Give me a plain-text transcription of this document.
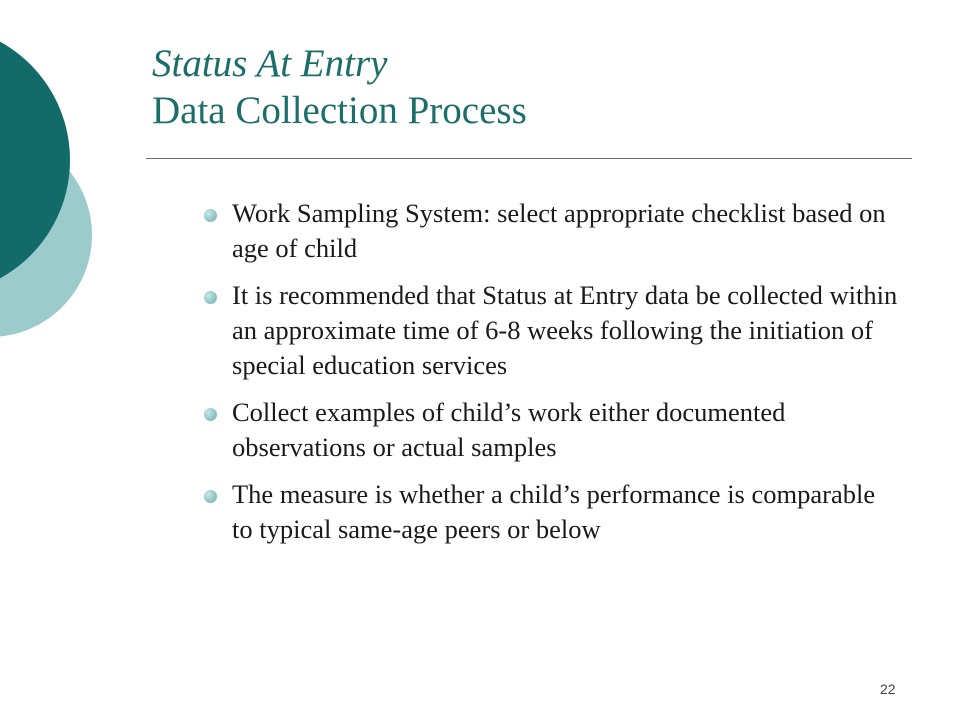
Status At Entry
Data Collection Process
Work Sampling System: select appropriate checklist based on age of child
It is recommended that Status at Entry data be collected within an approximate time of 6-8 weeks following the initiation of special education services
Collect examples of child’s work either documented observations or actual samples
The measure is whether a child’s performance is comparable to typical same-age peers or below
22
